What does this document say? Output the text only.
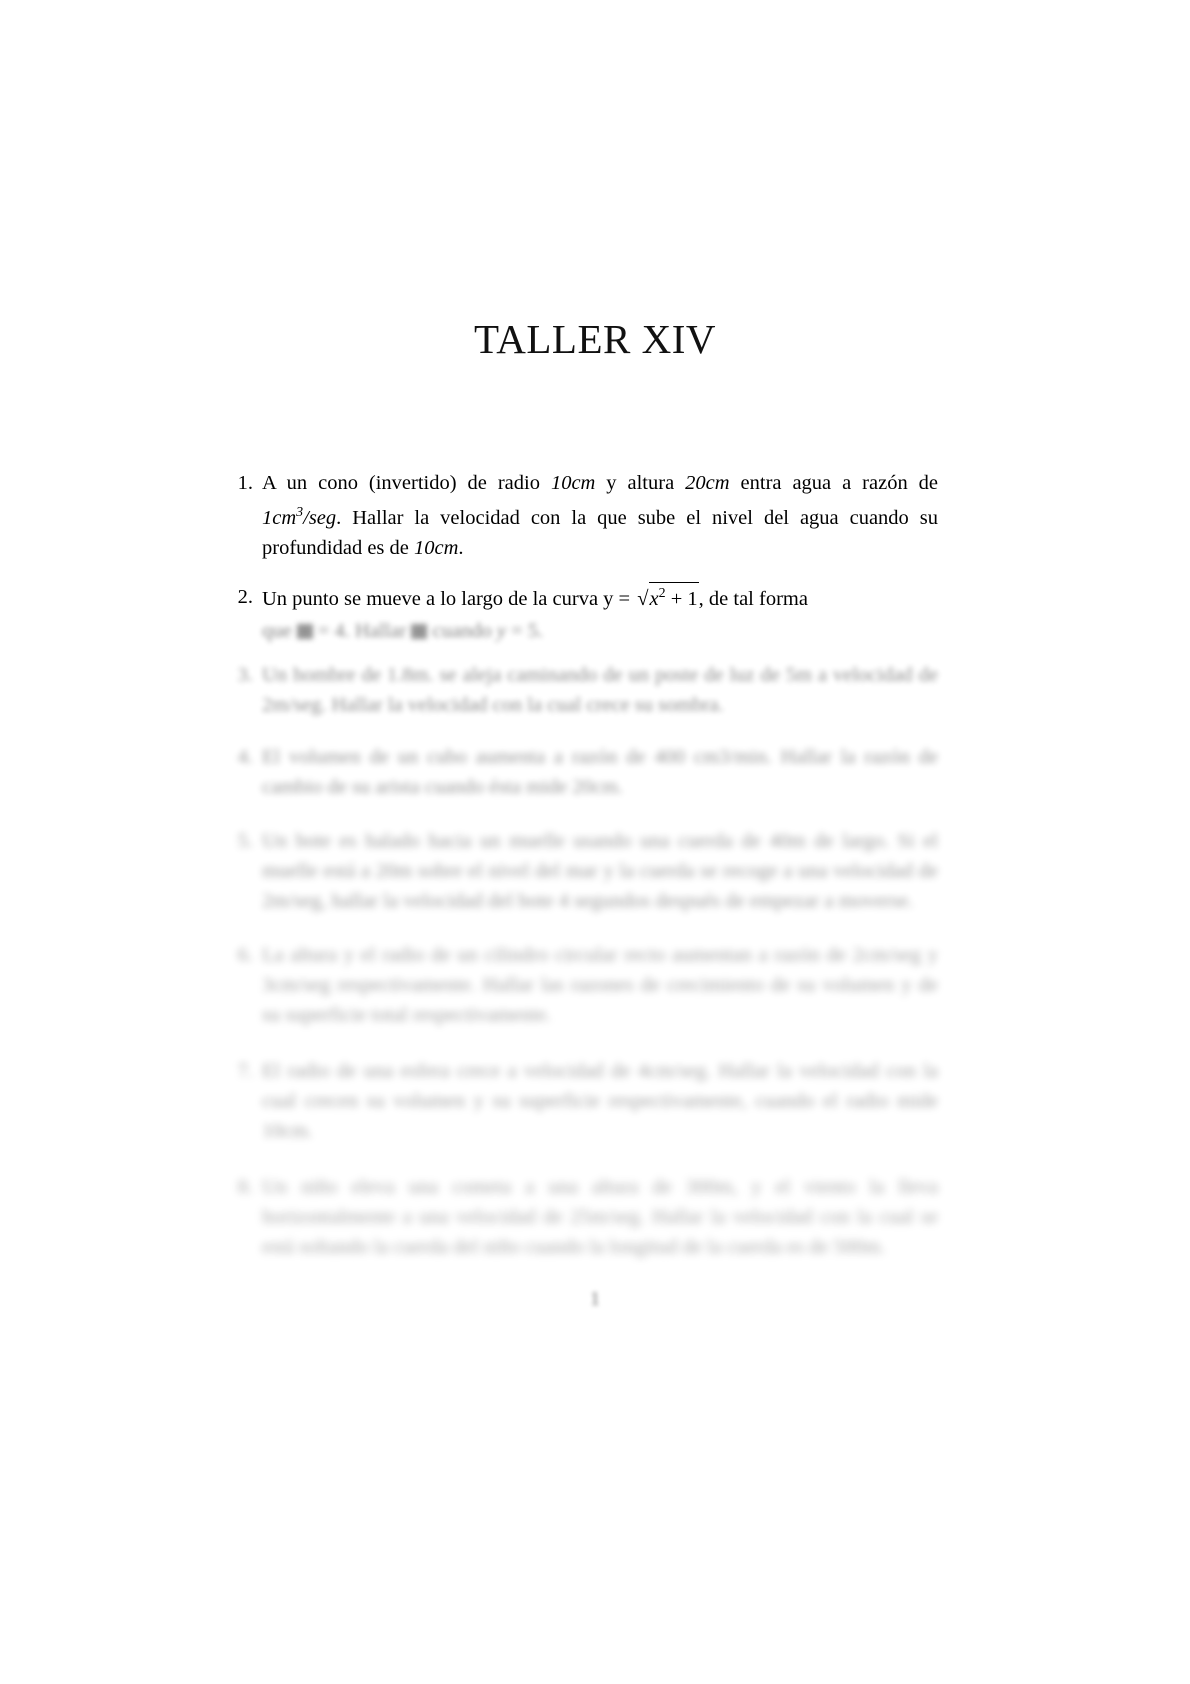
TALLER XIV
1. A un cono (invertido) de radio 10cm y altura 20cm entra agua a razón de $1cm^3$/seg. Hallar la velocidad con la que sube el nivel del agua cuando su profundidad es de 10cm.
2. Un punto se mueve a lo largo de la curva $y = √x^2 + 1$, de tal forma
que  = 4. Hallar  cuando y = 5.
3. Un hombre de 1.8m. se aleja caminando de un poste de luz de 5m a velocidad de 2m/seg. Hallar la velocidad con la cual crece su sombra.
4. El volumen de un cubo aumenta a razón de 400 cm3/min. Hallar la razón de cambio de su arista cuando ésta mide 20cm.
5. Un bote es halado hacia un muelle usando una cuerda de 40m de largo. Si el muelle está a 20m sobre el nivel del mar y la cuerda se recoge a una velocidad de 2m/seg, hallar la velocidad del bote 4 segundos después de empezar a moverse.
6. La altura y el radio de un cilindro circular recto aumentan a razón de 2cm/seg y 3cm/seg respectivamente. Hallar las razones de crecimiento de su volumen y de su superficie total respectivamente.
7. El radio de una esfera crece a velocidad de 4cm/seg. Hallar la velocidad con la cual crecen su volumen y su superficie respectivamente, cuando el radio mide 10cm.
8. Un niño eleva una cometa a una altura de 300m, y el viento la lleva horizontalmente a una velocidad de 25m/seg. Hallar la velocidad con la cual se está soltando la cuerda del niño cuando la longitud de la cuerda es de 500m.
1
